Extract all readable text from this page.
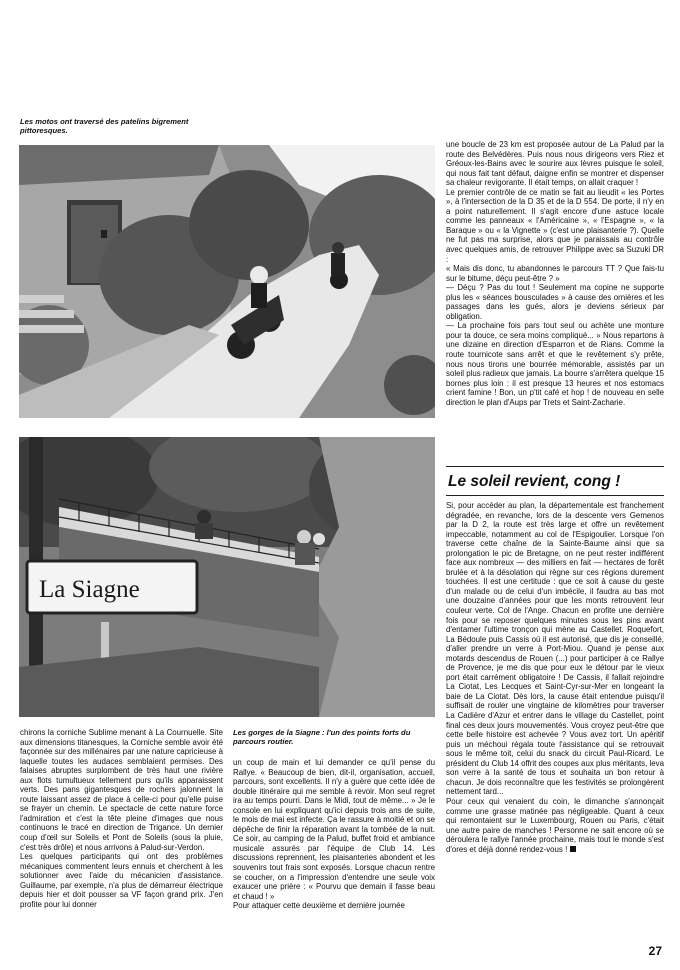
Les motos ont traversé des patelins bigrement pittoresques.
La Siagne
Les gorges de la Siagne : l'un des points forts du parcours routier.

chirons la corniche Sublime menant à La Cournuelle. Site aux dimensions titanesques, la Corniche semble avoir été façonnée sur des millénaires par une nature capricieuse à laquelle toutes les audaces semblaient permises. Des falaises abruptes surplombent de très haut une rivière aux flots tumultueux tellement purs qu'ils apparaissent verts. Des pans gigantesques de rochers jalonnent la route laissant assez de place à celle-ci pour qu'elle puise se frayer un chemin. Le spectacle de cette nature force l'admiration et c'est la tête pleine d'images que nous continuons le tracé en direction de Trigance. Un dernier coup d'œil sur Soleils et Pont de Soleils (sous la pluie, c'est très drôle) et nous arrivons à Palud-sur-Verdon.

Les quelques participants qui ont des problèmes mécaniques commentent leurs ennuis et cherchent à les solutionner avec l'aide du mécanicien d'assistance. Guillaume, par exemple, n'a plus de démarreur électrique depuis hier et doit pousser sa VF façon grand prix. J'en profite pour lui donner

un coup de main et lui demander ce qu'il pense du Rallye. « Beaucoup de bien, dit-il, organisation, accueil, parcours, sont excellents. Il n'y a guère que cette idée de double itinéraire qui me semble à revoir. Mon seul regret ira au temps pourri. Dans le Midi, tout de même... » Je le console en lui expliquant qu'ici depuis trois ans de suite, le mois de mai est infecte. Ça le rassure à moitié et on se dépêche de finir la réparation avant la tombée de la nuit. Ce soir, au camping de la Palud, buffet froid et ambiance musicale assurés par l'équipe de Club 14. Les discussions reprennent, les plaisanteries abondent et les souvenirs tout frais sont exposés. Lorsque chacun rentre se coucher, on a l'impression d'entendre une seule voix exaucer une prière : « Pourvu que demain il fasse beau et chaud ! »

Pour attaquer cette deuxième et dernière journée

une boucle de 23 km est proposée autour de La Palud par la route des Belvédères. Puis nous nous dirigeons vers Riez et Gréoux-les-Bains avec le sourire aux lèvres puisque le soleil, qui nous fait tant défaut, daigne enfin se montrer et dispenser sa chaleur revigorante. Il était temps, on allait craquer !

Le premier contrôle de ce matin se fait au lieudit « les Portes », à l'intersection de la D 35 et de la D 554. De porte, il n'y en a point naturellement. Il s'agit encore d'une astuce locale comme les panneaux « l'Américaine », « l'Espagne », « la Baraque » ou « la Vignette » (c'est une plaisanterie ?). Quelle ne fut pas ma surprise, alors que je paraissais au contrôle avec quelques amis, de retrouver Philippe avec sa Suzuki DR :

« Mais dis donc, tu abandonnes le parcours TT ? Que fais-tu sur le bitume, déçu peut-être ? »

— Déçu ? Pas du tout ! Seulement ma copine ne supporte plus les « séances bousculades » à cause des ornières et les passages dans les gués, alors je deviens sérieux par obligation.

— La prochaine fois pars tout seul ou achète une monture pour ta douce, ce sera moins compliqué... » Nous repartons à une dizaine en direction d'Esparron et de Rians. Comme la route tournicote sans arrêt et que le revêtement s'y prête, nous nous tirons une bourrée mémorable, assistés par un soleil plus radieux que jamais. La bourre s'arrêtera quelque 15 bornes plus loin : il est presque 13 heures et nos estomacs crient famine ! Bon, un p'tit café et hop ! de nouveau en selle direction le plan d'Aups par Trets et Saint-Zacharie.

Le soleil revient, cong !

Si, pour accéder au plan, la départementale est franchement dégradée, en revanche, lors de la descente vers Gemenos par la D 2, la route est très large et offre un revêtement impeccable, notamment au col de l'Espigoulier. Lorsque l'on traverse cette chaîne de la Sainte-Baume ainsi que sa prolongation le pic de Bretagne, on ne peut rester indifférent face aux nombreux — des milliers en fait — hectares de forêt brulée et à la désolation qui règne sur ces régions durement touchées. Il est une certitude : que ce soit à cause du geste d'un malade ou de celui d'un imbécile, il faudra au bas mot une douzaine d'années pour que les monts retrouvent leur couleur verte. Col de l'Ange. Chacun en profite une dernière fois pour se reposer quelques minutes sous les pins avant d'entamer l'ultime tronçon qui mène au Castellet. Roquefort, La Bédoule puis Cassis où il est autorisé, que dis je conseillé, d'aller prendre un verre à Port-Miou. Quand je pense aux motards descendus de Rouen (...) pour participer à ce Rallye de Provence, je me dis que pour eux le détour par le vieux port était carrément obligatoire ! De Cassis, il fallait rejoindre La Ciotat, Les Lecques et Saint-Cyr-sur-Mer en longeant la baie de La Ciotat. Dès lors, la cause était entendue puisqu'il suffisait de rouler une vingtaine de kilomètres pour traverser La Cadière d'Azur et entrer dans le village du Castellet, point final ces deux jours mouvementés. Vous croyez peut-être que cette belle histoire est achevée ? Vous avez tort. Un apéritif puis un méchoui régala toute l'assistance qui se retrouvait sous le même toit, celui du snack du circuit Paul-Ricard. Le président du Club 14 offrit des coupes aux plus méritants, leva son verre à la santé de tous et souhaita un bon retour à chacun. Je dois reconnaître que les festivités se prolongèrent nettement tard...

Pour ceux qui venaient du coin, le dimanche s'annonçait comme une grasse matinée pas négligeable. Quant à ceux qui remontaient sur le Luxembourg, Rouen ou Paris, c'était une autre paire de manches ! Personne ne sait encore où se déroulera le rallye l'année prochaine, mais tout le monde s'est d'ores et déjà donné rendez-vous !

27
